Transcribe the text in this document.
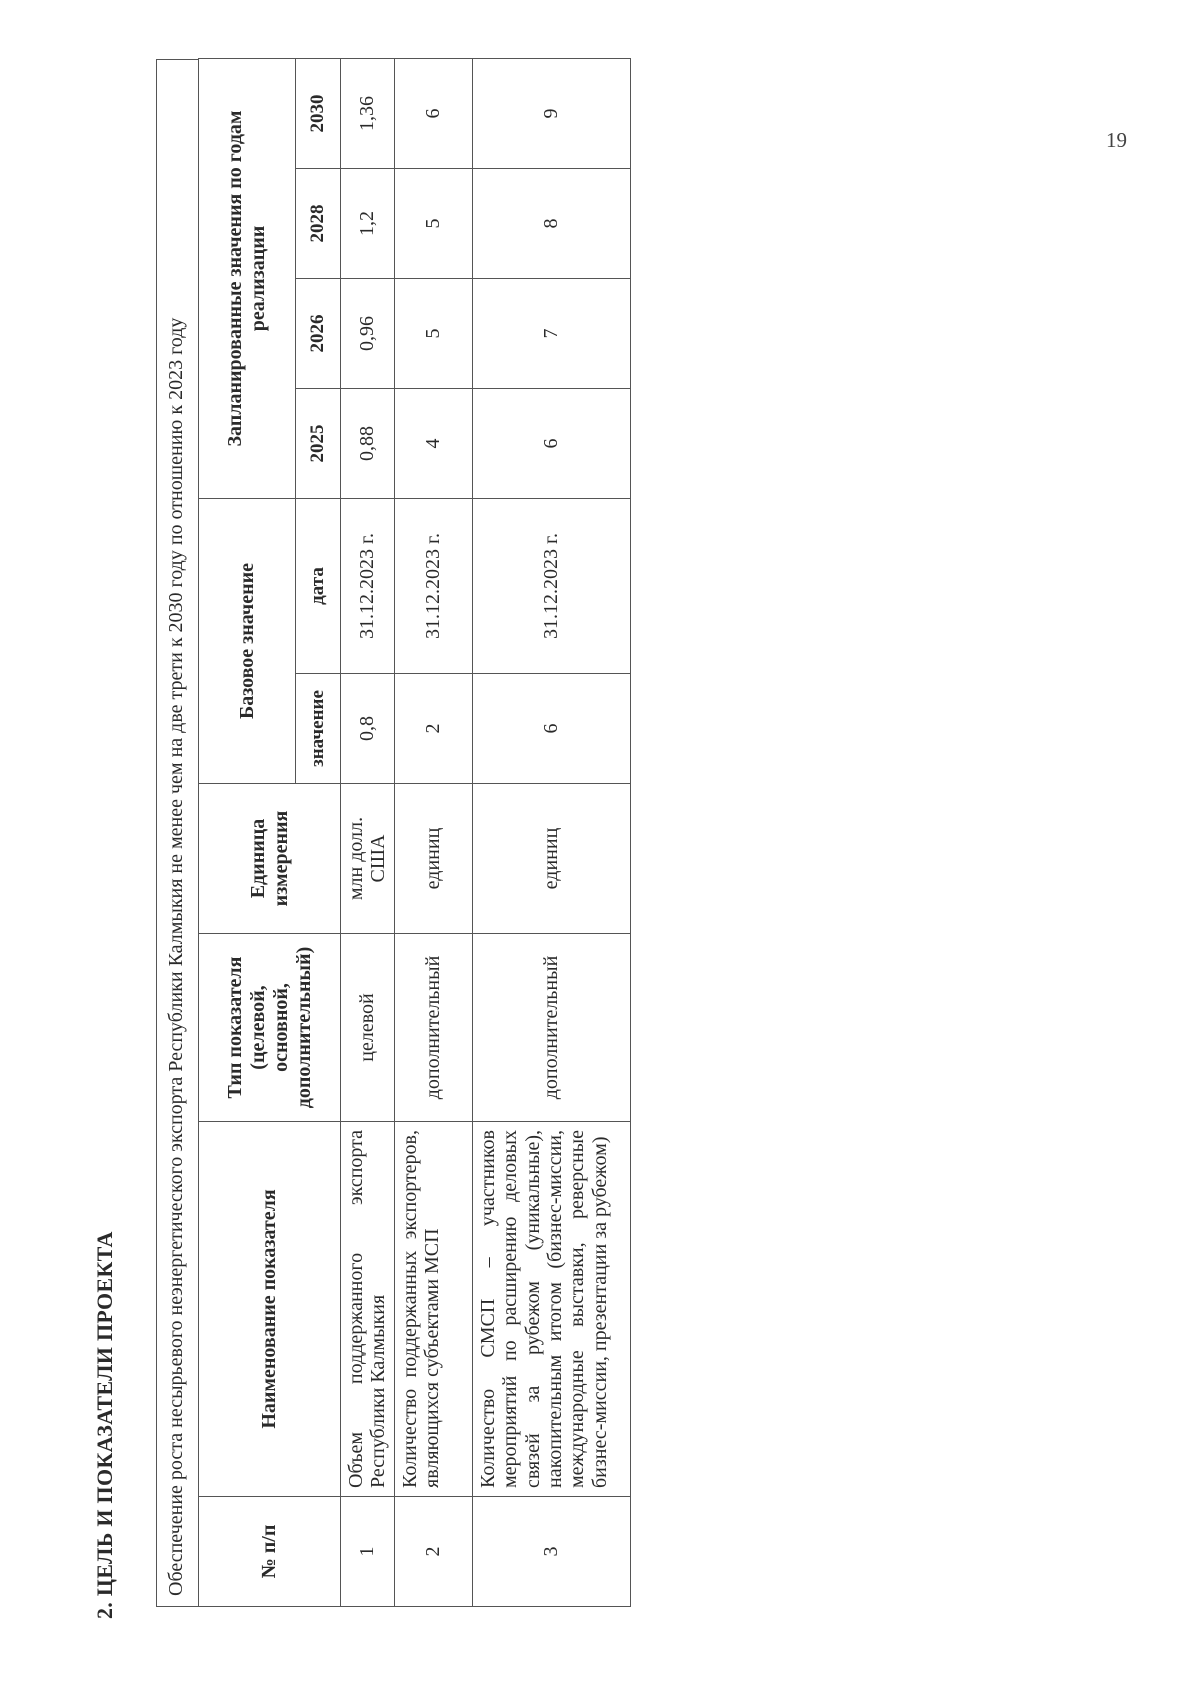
2. ЦЕЛЬ И ПОКАЗАТЕЛИ ПРОЕКТА	Обеспечение роста несырьевого неэнергетического экспорта Республики Калмыкия не менее чем на две трети к 2030 году по отношению к 2023 году	№ п/п	Наименование показателя	Тип показателя (целевой, основной, дополнительный)	Единица измерения	Базовое значение		Запланированные значения по годам реализации			
				значение	дата	2025	2026	2028	2030
1	Объем поддержанного экспорта Республики Калмыкия	целевой	млн долл. США	0,8	31.12.2023 г.	0,88	0,96	1,2	1,36
2	Количество поддержанных экспортеров, являющихся субъектами МСП	дополнительный	единиц	2	31.12.2023 г.	4	5	5	6
3	Количество СМСП – участников мероприятий по расширению деловых связей за рубежом (уникальные), накопительным итогом (бизнес-миссии, международные выставки, реверсные бизнес-миссии, презентации за рубежом)	дополнительный	единиц	6	31.12.2023 г.	6	7	8	9
19
